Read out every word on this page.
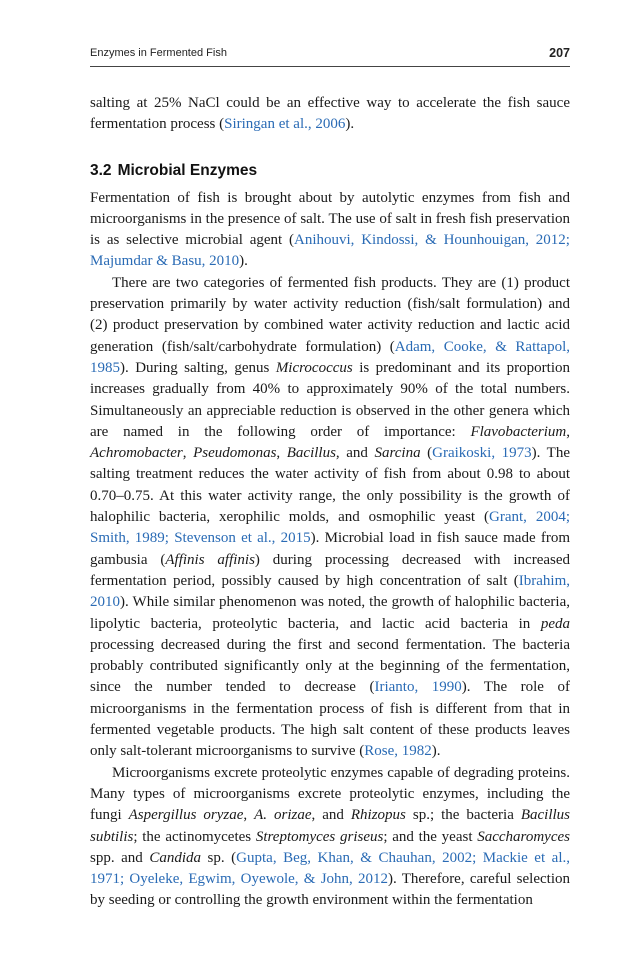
Enzymes in Fermented Fish	207

salting at 25% NaCl could be an effective way to accelerate the fish sauce fermentation process (Siringan et al., 2006).

3.2 Microbial Enzymes

Fermentation of fish is brought about by autolytic enzymes from fish and microorganisms in the presence of salt. The use of salt in fresh fish preservation is as selective microbial agent (Anihouvi, Kindossi, & Hounhouigan, 2012; Majumdar & Basu, 2010).

There are two categories of fermented fish products. They are (1) product preservation primarily by water activity reduction (fish/salt formulation) and (2) product preservation by combined water activity reduction and lactic acid generation (fish/salt/carbohydrate formulation) (Adam, Cooke, & Rattapol, 1985). During salting, genus Micrococcus is predominant and its proportion increases gradually from 40% to approximately 90% of the total numbers. Simultaneously an appreciable reduction is observed in the other genera which are named in the following order of importance: Flavobacterium, Achromobacter, Pseudomonas, Bacillus, and Sarcina (Graikoski, 1973). The salting treatment reduces the water activity of fish from about 0.98 to about 0.70–0.75. At this water activity range, the only possibility is the growth of halophilic bacteria, xerophilic molds, and osmophilic yeast (Grant, 2004; Smith, 1989; Stevenson et al., 2015). Microbial load in fish sauce made from gambusia (Affinis affinis) during processing decreased with increased fermentation period, possibly caused by high concentration of salt (Ibrahim, 2010). While similar phenomenon was noted, the growth of halophilic bacteria, lipolytic bacteria, proteolytic bacteria, and lactic acid bacteria in peda processing decreased during the first and second fermentation. The bacteria probably contributed significantly only at the beginning of the fermentation, since the number tended to decrease (Irianto, 1990). The role of microorganisms in the fermentation process of fish is different from that in fermented vegetable products. The high salt content of these products leaves only salt-tolerant microorganisms to survive (Rose, 1982).

Microorganisms excrete proteolytic enzymes capable of degrading proteins. Many types of microorganisms excrete proteolytic enzymes, including the fungi Aspergillus oryzae, A. orizae, and Rhizopus sp.; the bacteria Bacillus subtilis; the actinomycetes Streptomyces griseus; and the yeast Saccharomyces spp. and Candida sp. (Gupta, Beg, Khan, & Chauhan, 2002; Mackie et al., 1971; Oyeleke, Egwim, Oyewole, & John, 2012). Therefore, careful selection by seeding or controlling the growth environment within the fermentation
